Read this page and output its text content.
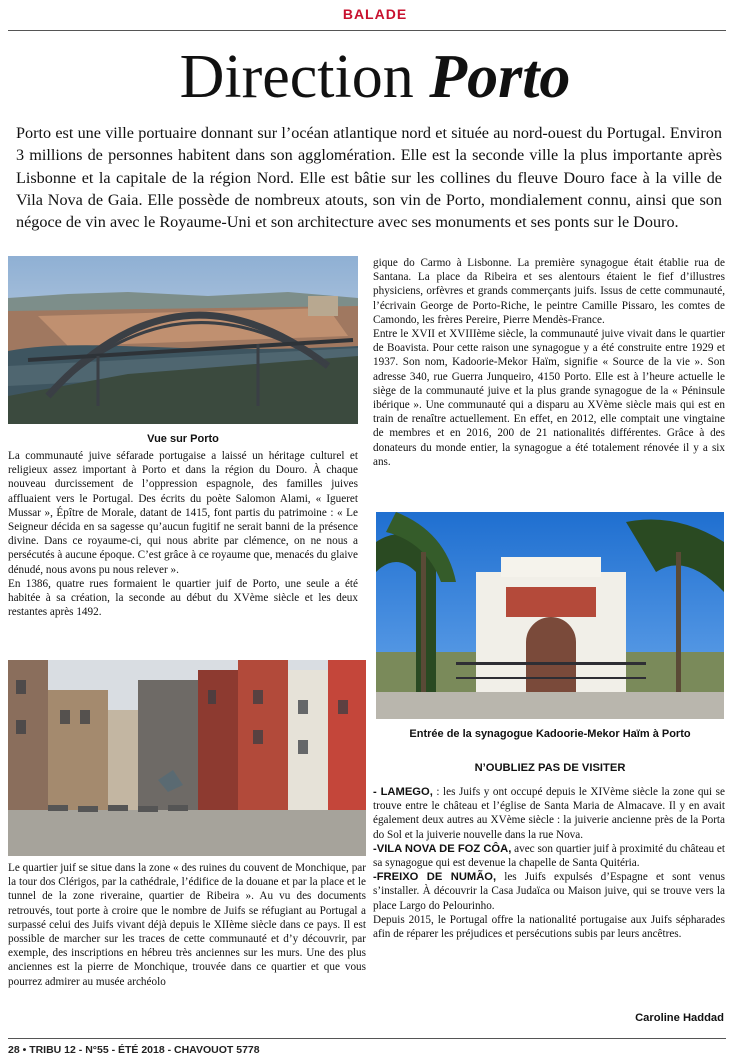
BALADE
Direction Porto

Porto est une ville portuaire donnant sur l’océan atlantique nord et située au nord-ouest du Portugal. Environ 3 millions de personnes habitent dans son agglomération. Elle est la seconde ville la plus importante après Lisbonne et la capitale de la région Nord. Elle est bâtie sur les collines du fleuve Douro face à la ville de Vila Nova de Gaia. Elle possède de nombreux atouts, son vin de Porto, mondialement connu, ainsi que son négoce de vin avec le Royaume-Uni et son architecture avec ses monuments et ses ponts sur le Douro.

Vue sur Porto

La communauté juive séfarade portugaise a laissé un héritage culturel et religieux assez important à Porto et dans la région du Douro. À chaque nouveau durcissement de l’oppression espagnole, des familles juives affluaient vers le Portugal. Des écrits du poète Salomon Alami, « Igueret Mussar », Épître de Morale, datant de 1415, font partis du patrimoine : « Le Seigneur décida en sa sagesse qu’aucun fugitif ne serait banni de la présence divine. Dans ce royaume-ci, qui nous abrite par clémence, on ne nous a persécutés à aucune époque. C’est grâce à ce royaume que, menacés du glaive dénudé, nous avons pu nous relever ».

En 1386, quatre rues formaient le quartier juif de Porto, une seule a été habitée à sa création, la seconde au début du XVème siècle et les deux restantes après 1492.

Le quartier juif se situe dans la zone « des ruines du couvent de Monchique, par la tour dos Clérigos, par la cathédrale, l’édifice de la douane et par la place et le tunnel de la zone riveraine, quartier de Ribeira ». Au vu des documents retrouvés, tout porte à croire que le nombre de Juifs se réfugiant au Portugal a surpassé celui des Juifs vivant déjà depuis le XIIème siècle dans ce pays. Il est possible de marcher sur les traces de cette communauté et d’y découvrir, par exemple, des inscriptions en hébreu très anciennes sur les murs. Une des plus anciennes est la pierre de Monchique, trouvée dans ce quartier et que vous pourrez admirer au musée archéolo

gique do Carmo à Lisbonne. La première synagogue était établie rua de Santana. La place da Ribeira et ses alentours étaient le fief d’illustres physiciens, orfèvres et grands commerçants juifs. Issus de cette communauté, l’écrivain George de Porto-Riche, le peintre Camille Pissaro, les comtes de Camondo, les frères Pereire, Pierre Mendès-France.

Entre le XVII et XVIIIème siècle, la communauté juive vivait dans le quartier de Boavista. Pour cette raison une synagogue y a été construite entre 1929 et 1937. Son nom, Kadoorie-Mekor Haïm, signifie « Source de la vie ». Son adresse 340, rue Guerra Junqueiro, 4150 Porto. Elle est à l’heure actuelle le siège de la communauté juive et la plus grande synagogue de la « Péninsule ibérique ». Une communauté qui a disparu au XVème siècle mais qui est en train de renaître actuellement. En effet, en 2012, elle comptait une vingtaine de membres et en 2016, 200 de 21 nationalités différentes. Grâce à des donateurs du monde entier, la synagogue a été totalement rénovée il y a six ans.

Entrée de la synagogue Kadoorie-Mekor Haïm à Porto
N’OUBLIEZ PAS DE VISITER

- LAMEGO, : les Juifs y ont occupé depuis le XIVème siècle la zone qui se trouve entre le château et l’église de Santa Maria de Almacave. Il y en avait également deux autres au XVème siècle : la juiverie ancienne près de la Porta do Sol et la juiverie nouvelle dans la rue Nova.

-VILA NOVA DE FOZ CÔA, avec son quartier juif à proximité du château et sa synagogue qui est devenue la chapelle de Santa Quitéria.

-FREIXO DE NUMÃO, les Juifs expulsés d’Espagne et sont venus s’installer. À découvrir la Casa Judaïca ou Maison juive, qui se trouve vers la place Largo do Pelourinho.

Depuis 2015, le Portugal offre la nationalité portugaise aux Juifs sépharades afin de réparer les préjudices et persécutions subis par leurs ancêtres.

Caroline Haddad
28 • TRIBU 12 - N°55 - ÉTÉ 2018 - CHAVOUOT 5778
